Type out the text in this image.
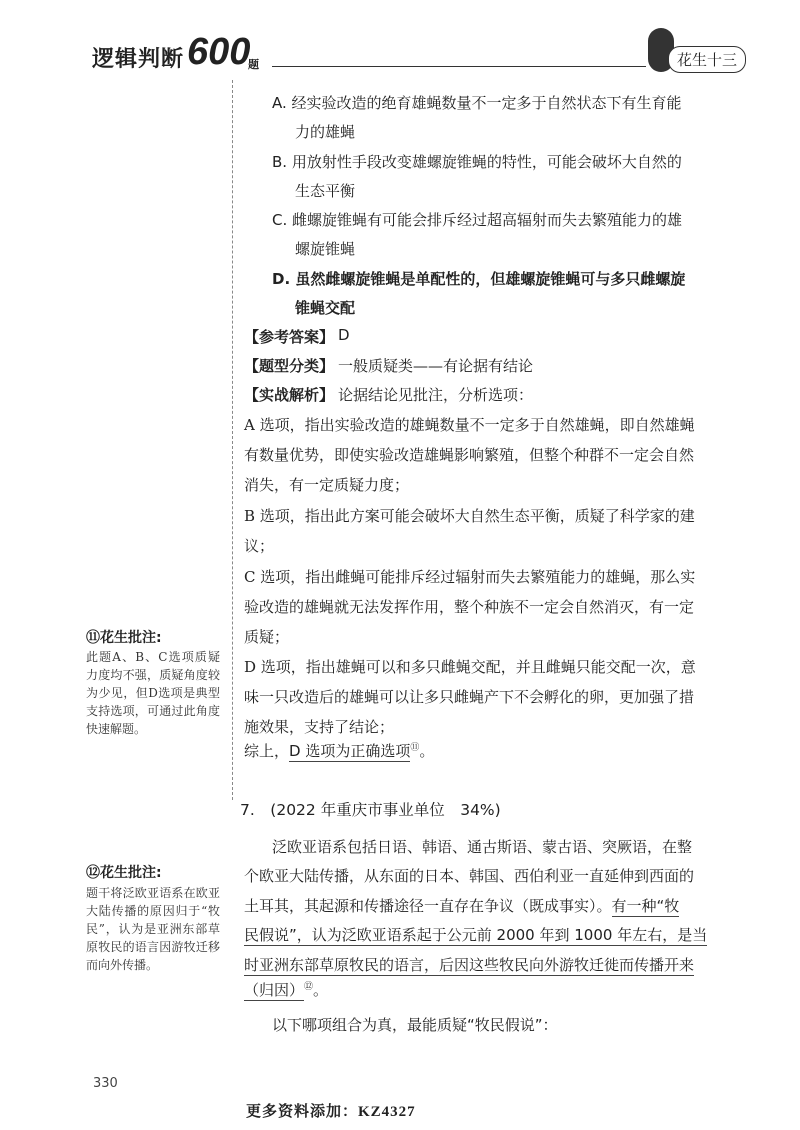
逻辑判断 600
题	花生十三
A. 经实验改造的绝育雄蝇数量不一定多于自然状态下有生育能
力的雄蝇
B. 用放射性手段改变雄螺旋锥蝇的特性，可能会破坏大自然的
生态平衡
C. 雌螺旋锥蝇有可能会排斥经过超高辐射而失去繁殖能力的雄
螺旋锥蝇
D. 虽然雌螺旋锥蝇是单配性的，但雄螺旋锥蝇可与多只雌螺旋
锥蝇交配
【参考答案】 D
【题型分类】 一般质疑类——有论据有结论
【实战解析】 论据结论见批注，分析选项：
A 选项，指出实验改造的雄蝇数量不一定多于自然雄蝇，即自然雄蝇
有数量优势，即使实验改造雄蝇影响繁殖，但整个种群不一定会自然
消失，有一定质疑力度；
B 选项，指出此方案可能会破坏大自然生态平衡，质疑了科学家的建
议；
C 选项，指出雌蝇可能排斥经过辐射而失去繁殖能力的雄蝇，那么实
验改造的雄蝇就无法发挥作用，整个种族不一定会自然消灭，有一定
质疑；
D 选项，指出雄蝇可以和多只雌蝇交配，并且雌蝇只能交配一次，意
味一只改造后的雄蝇可以让多只雌蝇产下不会孵化的卵，更加强了措
施效果，支持了结论；
综上，D 选项为正确选项⑪。
⑪花生批注:
此题A、B、C选项质疑力度均不强，质疑角度较为少见，但D选项是典型支持选项，可通过此角度快速解题。
⑫花生批注:
题干将泛欧亚语系在欧亚大陆传播的原因归于“牧民”，认为是亚洲东部草原牧民的语言因游牧迁移而向外传播。
7.　(2022 年重庆市事业单位　34%)
泛欧亚语系包括日语、韩语、通古斯语、蒙古语、突厥语，在整
个欧亚大陆传播，从东面的日本、韩国、西伯利亚一直延伸到西面的
土耳其，其起源和传播途径一直存在争议（既成事实）。有一种“牧
民假说”，认为泛欧亚语系起于公元前 2000 年到 1000 年左右，是当
时亚洲东部草原牧民的语言，后因这些牧民向外游牧迁徙而传播开来
（归因）⑫。
以下哪项组合为真，最能质疑“牧民假说”：
330
更多资料添加：KZ4327
